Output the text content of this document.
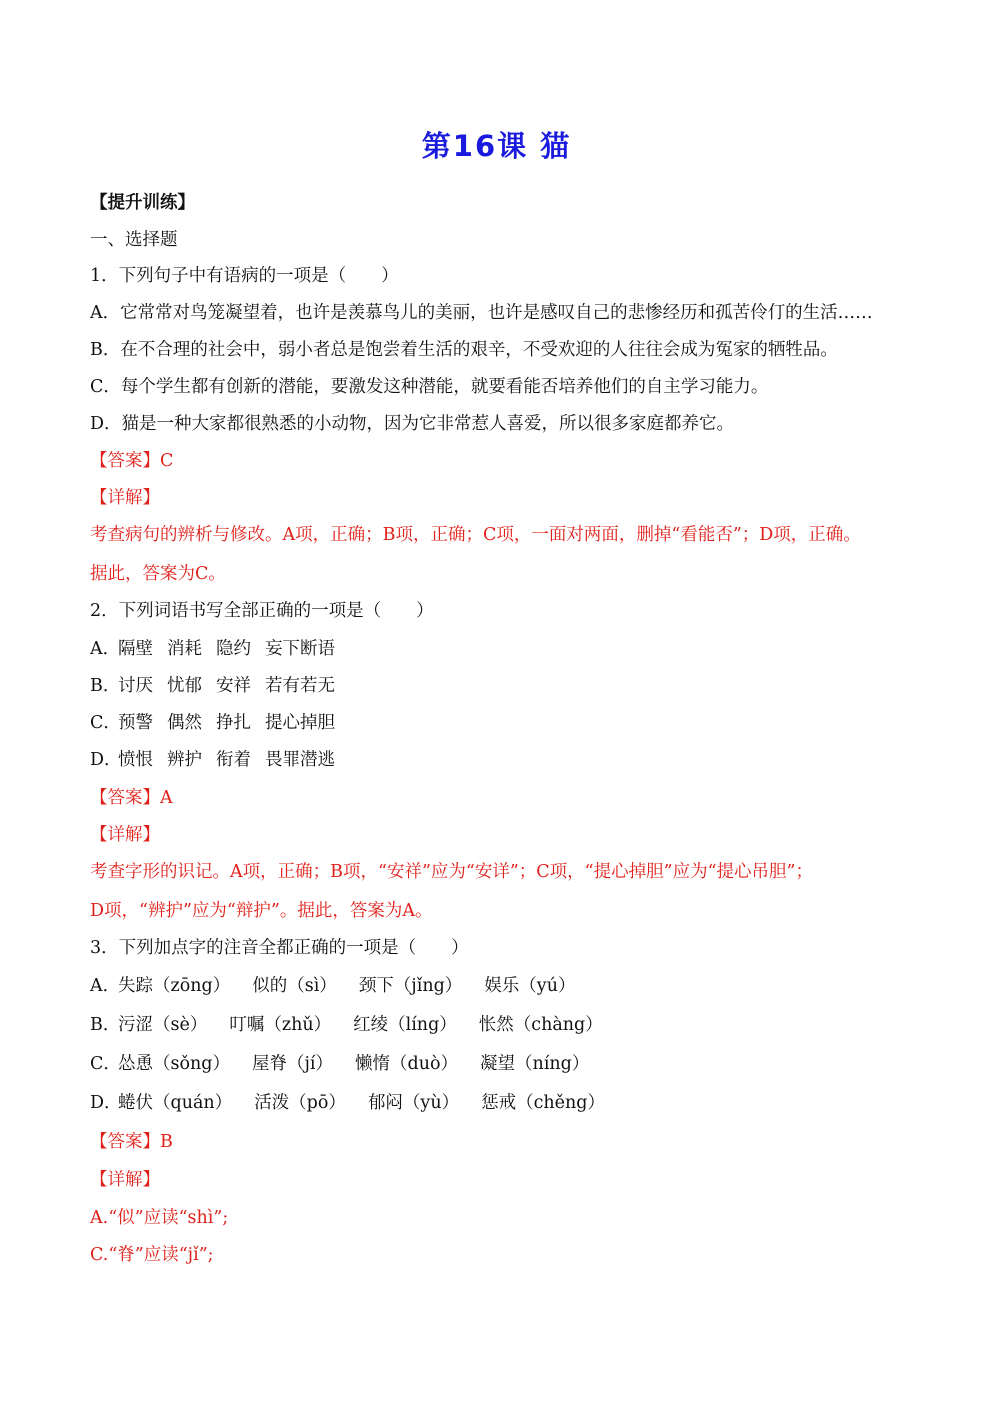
第16课 猫
【提升训练】
一、选择题
1．下列句子中有语病的一项是（　　）
A．它常常对鸟笼凝望着，也许是羡慕鸟儿的美丽，也许是感叹自己的悲惨经历和孤苦伶仃的生活……
B．在不合理的社会中，弱小者总是饱尝着生活的艰辛，不受欢迎的人往往会成为冤家的牺牲品。
C．每个学生都有创新的潜能，要激发这种潜能，就要看能否培养他们的自主学习能力。
D．猫是一种大家都很熟悉的小动物，因为它非常惹人喜爱，所以很多家庭都养它。
【答案】C
【详解】
考查病句的辨析与修改。A项，正确；B项，正确；C项，一面对两面，删掉“看能否”；D项，正确。
据此，答案为C。
2．下列词语书写全部正确的一项是（　　）
A．隔壁 消耗 隐约 妄下断语
B．讨厌 忧郁 安祥 若有若无
C．预警 偶然 挣扎 提心掉胆
D．愤恨 辨护 衔着 畏罪潜逃
【答案】A
【详解】
考查字形的识记。A项，正确；B项，“安祥”应为“安详”；C项，“提心掉胆”应为“提心吊胆”；
D项，“辨护”应为“辩护”。据此，答案为A。
3．下列加点字的注音全都正确的一项是（　　）
A．失踪（zōng） 似的（sì） 颈下（jǐng） 娱乐（yú）
B．污涩（sè） 叮嘱（zhǔ） 红绫（líng） 怅然（chàng）
C．怂恿（sǒng） 屋脊（jí） 懒惰（duò） 凝望（níng）
D．蜷伏（quán） 活泼（pō） 郁闷（yù） 惩戒（chěng）
【答案】B
【详解】
A.“似”应读“shì”;
C.“脊”应读“jǐ”;
